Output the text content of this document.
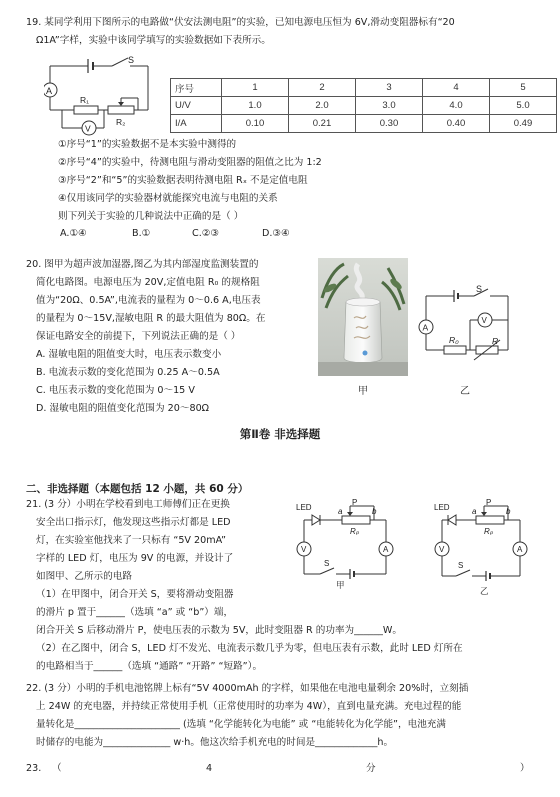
19. 某同学利用下图所示的电路做“伏安法测电阻”的实验，已知电源电压恒为 6V,滑动变阻器标有“20
Ω1A”字样，实验中该同学填写的实验数据如下表所示。
S
A
V
R₁
R₂
序号	1	2	3	4	5
U/V	1.0	2.0	3.0	4.0	5.0
I/A	0.10	0.21	0.30	0.40	0.49
①序号“1”的实验数据不是本实验中测得的
②序号“4”的实验中，待测电阻与滑动变阻器的阻值之比为 1:2
③序号“2”和“5”的实验数据表明待测电阻 Rₓ 不是定值电阻
④仅用该同学的实验器材就能探究电流与电阻的关系
则下列关于实验的几种说法中正确的是（ ）
A.①④	B.①	C.②③	D.③④
20. 图甲为超声波加湿器,图乙为其内部湿度监测装置的
简化电路图。电源电压为 20V,定值电阻 R₀ 的规格阻
值为“20Ω、0.5A”,电流表的量程为 0～0.6 A,电压表
的量程为 0～15V,湿敏电阻 R 的最大阻值为 80Ω。在
保证电路安全的前提下，下列说法正确的是（ ）
A. 湿敏电阻的阻值变大时，电压表示数变小
B. 电流表示数的变化范围为 0.25 A～0.5A
C. 电压表示数的变化范围为 0～15 V
D. 湿敏电阻的阻值变化范围为 20～80Ω
甲
S
A
V
R₀	R
乙
第Ⅱ卷 非选择题
二、非选择题（本题包括 12 小题，共 60 分）
21. (3 分）小明在学校看到电工师傅们正在更换
安全出口指示灯，他发现这些指示灯都是 LED
灯，在实验室他找来了一只标有 “5V 20mA”
字样的 LED 灯，电压为 9V 的电源，并设计了
如图甲、乙所示的电路
（1）在甲图中，闭合开关 S，要将滑动变阻器
的滑片 p 置于______（选填 “a” 或 “b”）端，
闭合开关 S 后移动滑片 P，使电压表的示数为 5V，此时变阻器 R 的功率为______W。
（2）在乙图中，闭合 S，LED 灯不发光、电流表示数几乎为零，但电压表有示数，此时 LED 灯所在
的电路相当于______（选填 “通路” “开路” “短路”）。
LED
P
a	b
Rₚ
V	A
S
甲
LED
P
a	b
Rₚ
V	A
S
乙
22. (3 分）小明的手机电池铭牌上标有“5V 4000mAh 的字样，如果他在电池电量剩余 20%时，立刻插
上 24W 的充电器，并持续正常使用手机（正常使用时的功率为 4W），直到电量充满。充电过程的能
量转化是______________________ (选填 “化学能转化为电能” 或 “电能转化为化学能”，电池充满
时储存的电能为______________ w·h。他这次给手机充电的时间是_____________h。
23. （	4	分	）
